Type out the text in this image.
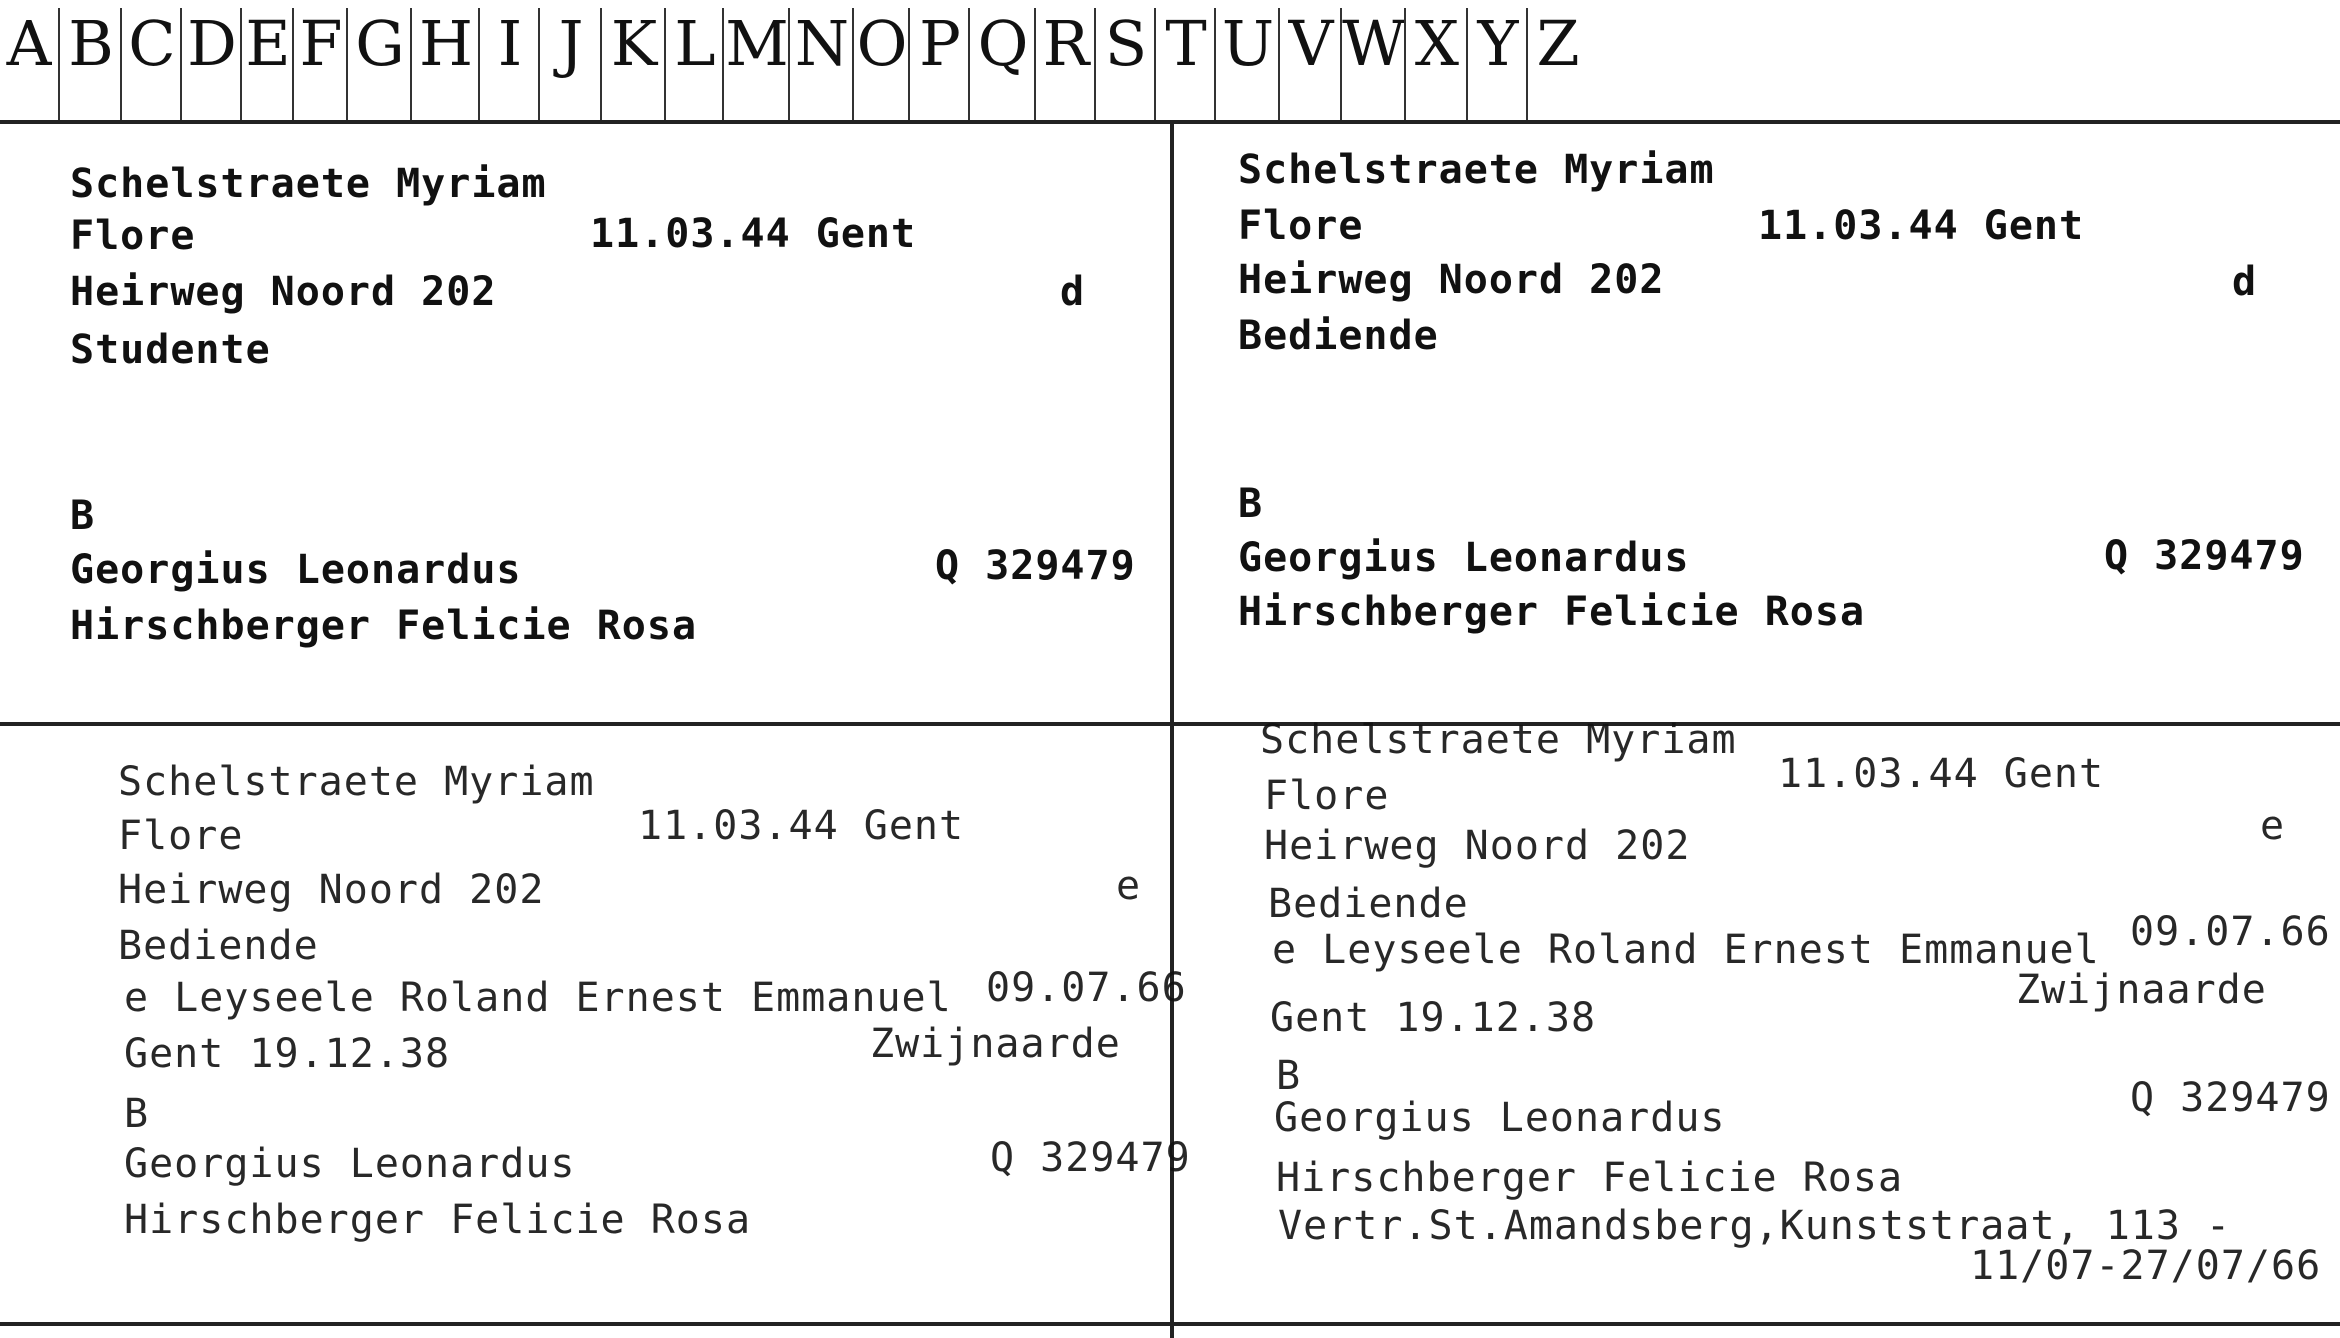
A B C D E F G H I J K L M N O P Q R S T U V W X Y Z
Schelstraete Myriam
Flore	11.03.44 Gent
Heirweg Noord 202	d
Studente
B
Georgius Leonardus	Q 329479
Hirschberger Felicie Rosa
Schelstraete Myriam
Flore	11.03.44 Gent
Heirweg Noord 202	d
Bediende
B
Georgius Leonardus	Q 329479
Hirschberger Felicie Rosa
Schelstraete Myriam
Flore	11.03.44 Gent
Heirweg Noord 202	e
Bediende
e Leyseele Roland Ernest Emmanuel 09.07.66
Gent 19.12.38	Zwijnaarde
B
Georgius Leonardus	Q 329479
Hirschberger Felicie Rosa
Schelstraete Myriam
Flore	11.03.44 Gent
Heirweg Noord 202	e
Bediende
e Leyseele Roland Ernest Emmanuel 09.07.66
Gent 19.12.38
Zwijnaarde
B
Georgius Leonardus	Q 329479
Hirschberger Felicie Rosa
Vertr.St.Amandsberg,Kunststraat, 113 -
11/07-27/07/66
